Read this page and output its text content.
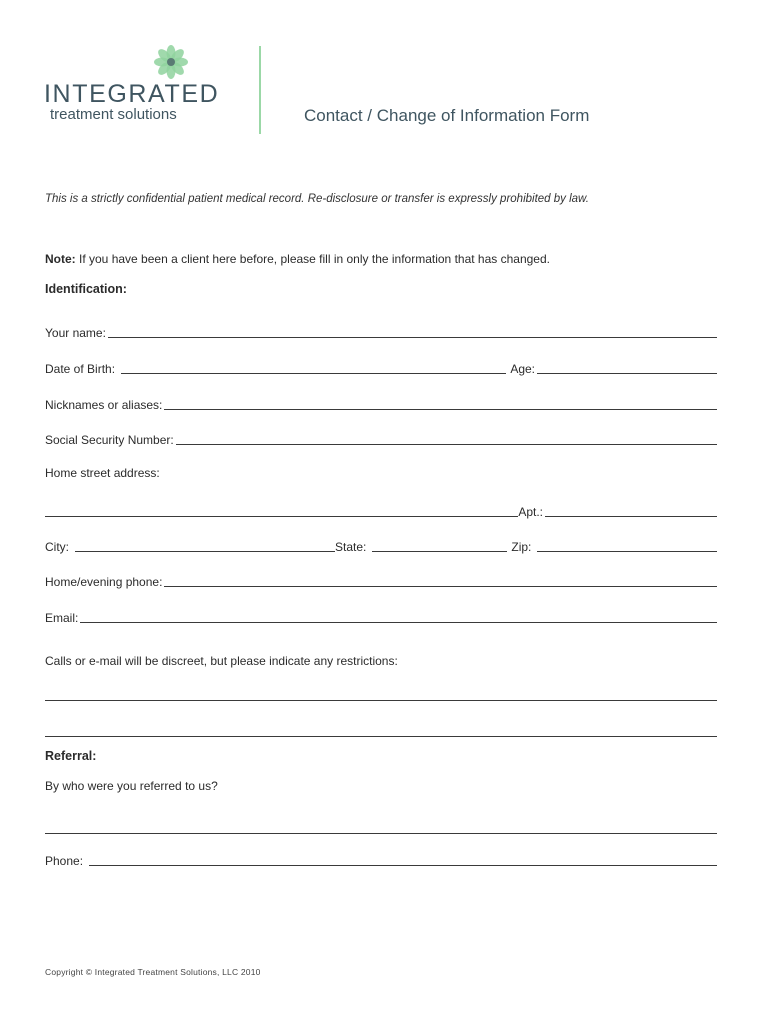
INTEGRATED
treatment solutions	Contact / Change of Information Form
This is a strictly confidential patient medical record. Re-disclosure or transfer is expressly prohibited by law.
Note: If you have been a client here before, please fill in only the information that has changed.
Identification:
Your name:
Date of Birth:	Age:
Nicknames or aliases:
Social Security Number:
Home street address:
Apt.:
City:	State:	Zip:
Home/evening phone:
Email:
Calls or e-mail will be discreet, but please indicate any restrictions:
Referral:
By who were you referred to us?
Phone:
Copyright © Integrated Treatment Solutions, LLC 2010
